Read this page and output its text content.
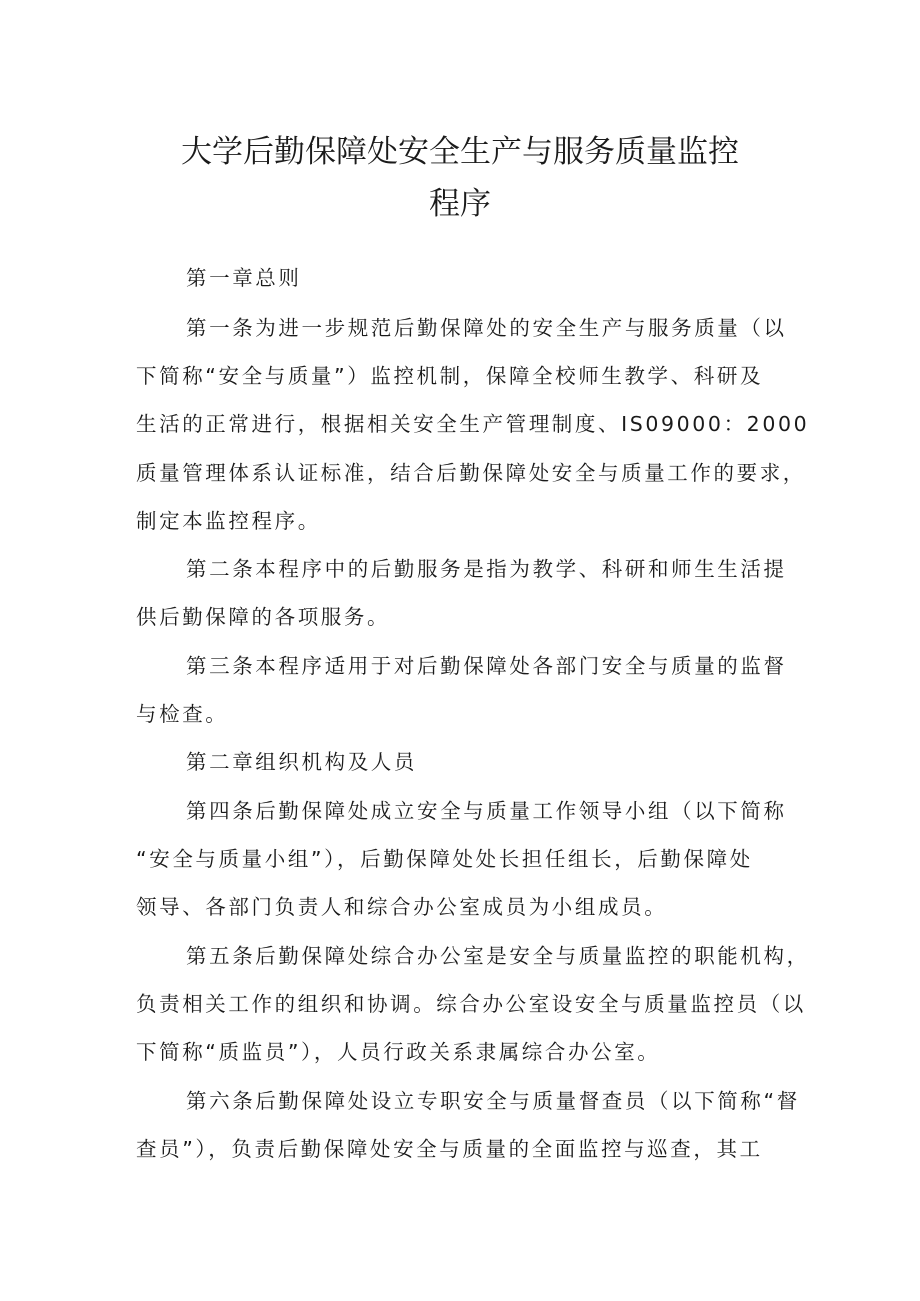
大学后勤保障处安全生产与服务质量监控
程序

第一章总则

第一条为进一步规范后勤保障处的安全生产与服务质量（以

下简称“安全与质量”）监控机制，保障全校师生教学、科研及

生活的正常进行，根据相关安全生产管理制度、IS09000：2000

质量管理体系认证标准，结合后勤保障处安全与质量工作的要求，

制定本监控程序。

第二条本程序中的后勤服务是指为教学、科研和师生生活提

供后勤保障的各项服务。

第三条本程序适用于对后勤保障处各部门安全与质量的监督

与检查。

第二章组织机构及人员

第四条后勤保障处成立安全与质量工作领导小组（以下简称

“安全与质量小组”），后勤保障处处长担任组长，后勤保障处

领导、各部门负责人和综合办公室成员为小组成员。

第五条后勤保障处综合办公室是安全与质量监控的职能机构，

负责相关工作的组织和协调。综合办公室设安全与质量监控员（以

下简称“质监员”），人员行政关系隶属综合办公室。

第六条后勤保障处设立专职安全与质量督查员（以下简称“督

查员”），负责后勤保障处安全与质量的全面监控与巡查，其工
